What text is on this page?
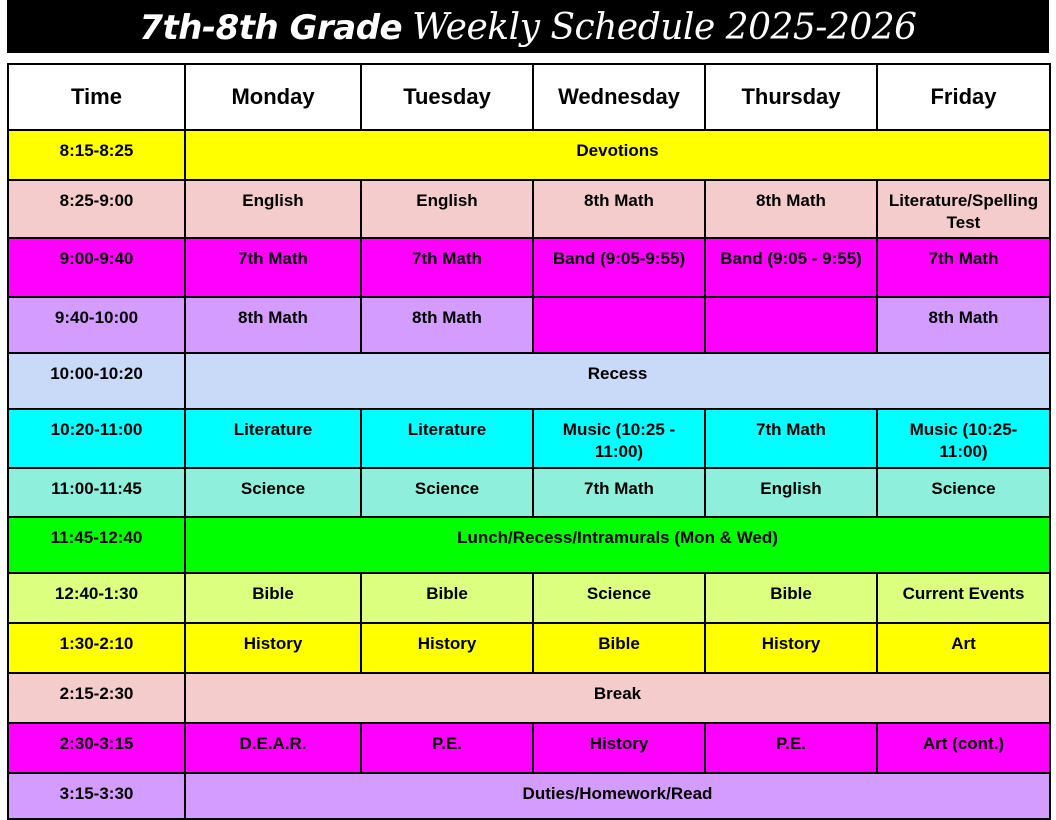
7th-8th Grade Weekly Schedule 2025-2026
Time	Monday	Tuesday	Wednesday	Thursday	Friday
8:15-8:25	Devotions				
8:25-9:00	English	English	8th Math	8th Math	Literature/Spelling Test
9:00-9:40	7th Math	7th Math	Band (9:05-9:55)	Band (9:05 - 9:55)	7th Math
9:40-10:00	8th Math	8th Math			8th Math
10:00-10:20	Recess				
10:20-11:00	Literature	Literature	Music (10:25 - 11:00)	7th Math	Music (10:25-11:00)
11:00-11:45	Science	Science	7th Math	English	Science
11:45-12:40	Lunch/Recess/Intramurals (Mon & Wed)				
12:40-1:30	Bible	Bible	Science	Bible	Current Events
1:30-2:10	History	History	Bible	History	Art
2:15-2:30	Break				
2:30-3:15	D.E.A.R.	P.E.	History	P.E.	Art (cont.)
3:15-3:30	Duties/Homework/Read				
